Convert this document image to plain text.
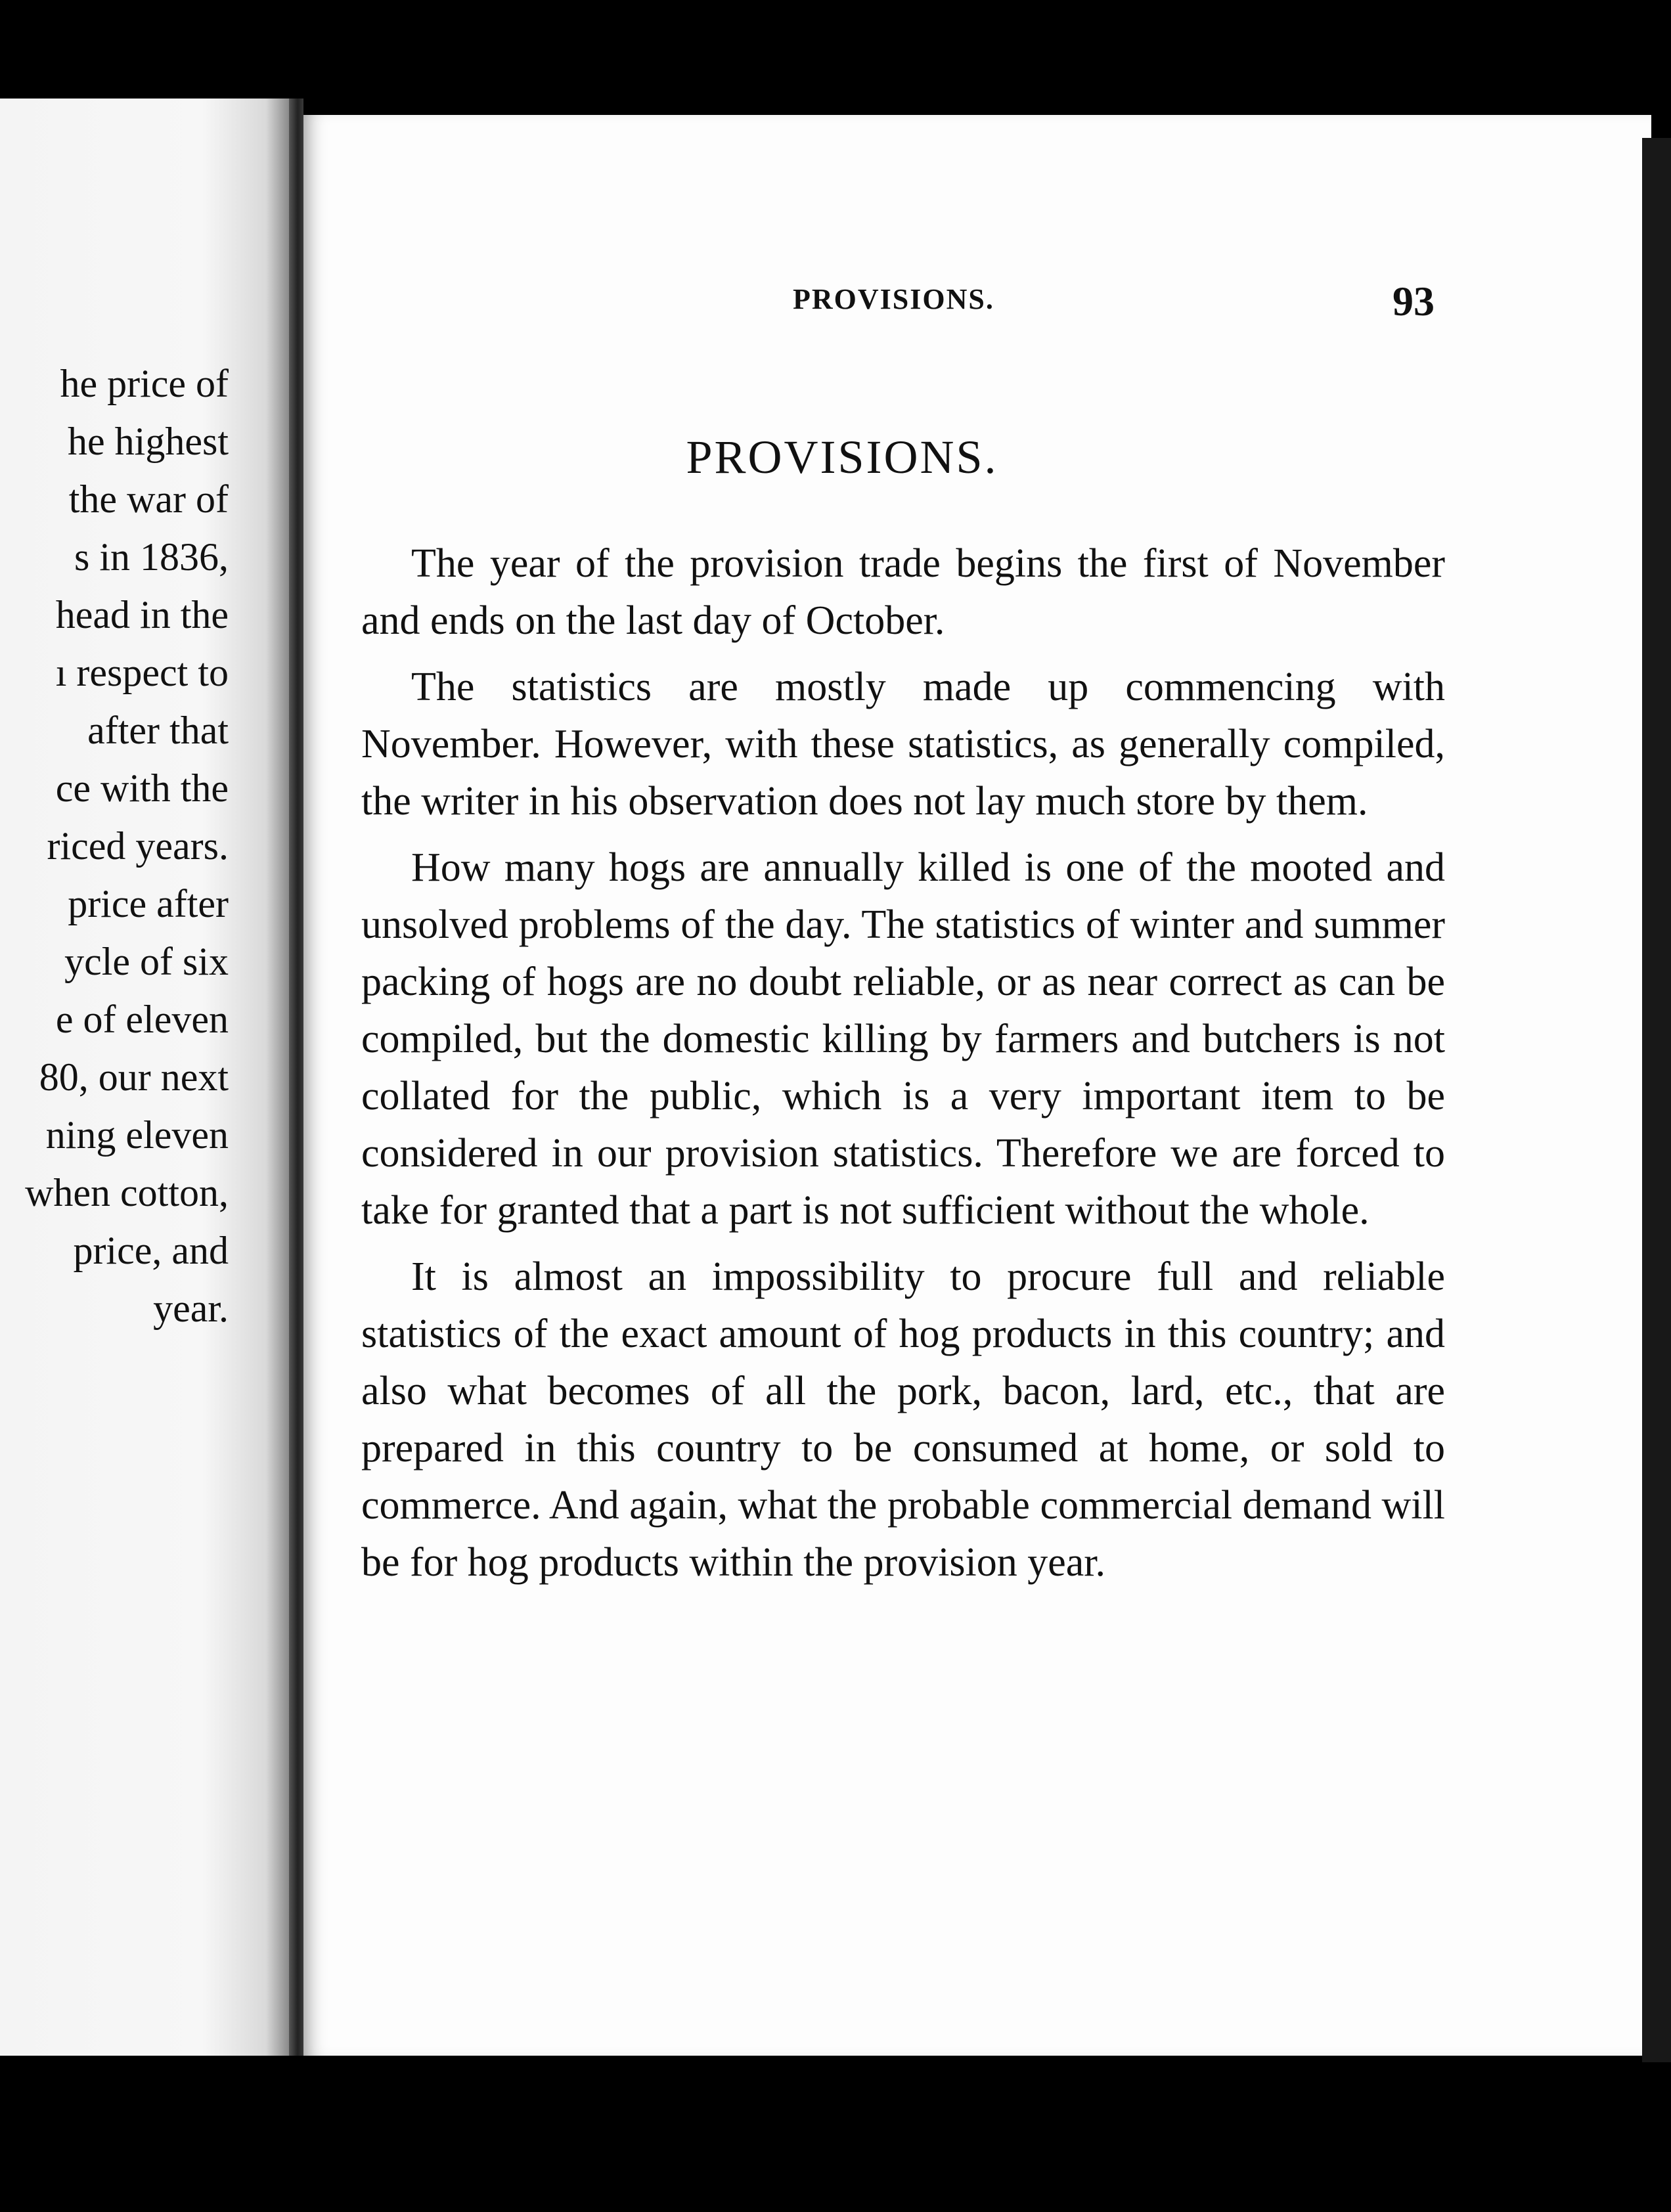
he price of
he highest
the war of
s in 1836,
head in the
ı respect to
after that
ce with the
riced years.
price after
ycle of six
e of eleven
80, our next
ning eleven
when cotton,
price, and
year.
PROVISIONS.	93
PROVISIONS.

The year of the provision trade begins the first of November and ends on the last day of October.

The statistics are mostly made up commencing with November. However, with these statistics, as generally compiled, the writer in his observation does not lay much store by them.

How many hogs are annually killed is one of the mooted and unsolved problems of the day. The statistics of winter and summer packing of hogs are no doubt reliable, or as near correct as can be compiled, but the domestic killing by farmers and butchers is not collated for the public, which is a very important item to be considered in our provision statistics. Therefore we are forced to take for granted that a part is not sufficient without the whole.

It is almost an impossibility to procure full and reliable statistics of the exact amount of hog products in this country; and also what becomes of all the pork, bacon, lard, etc., that are prepared in this country to be consumed at home, or sold to commerce. And again, what the probable commercial demand will be for hog products within the provision year.
